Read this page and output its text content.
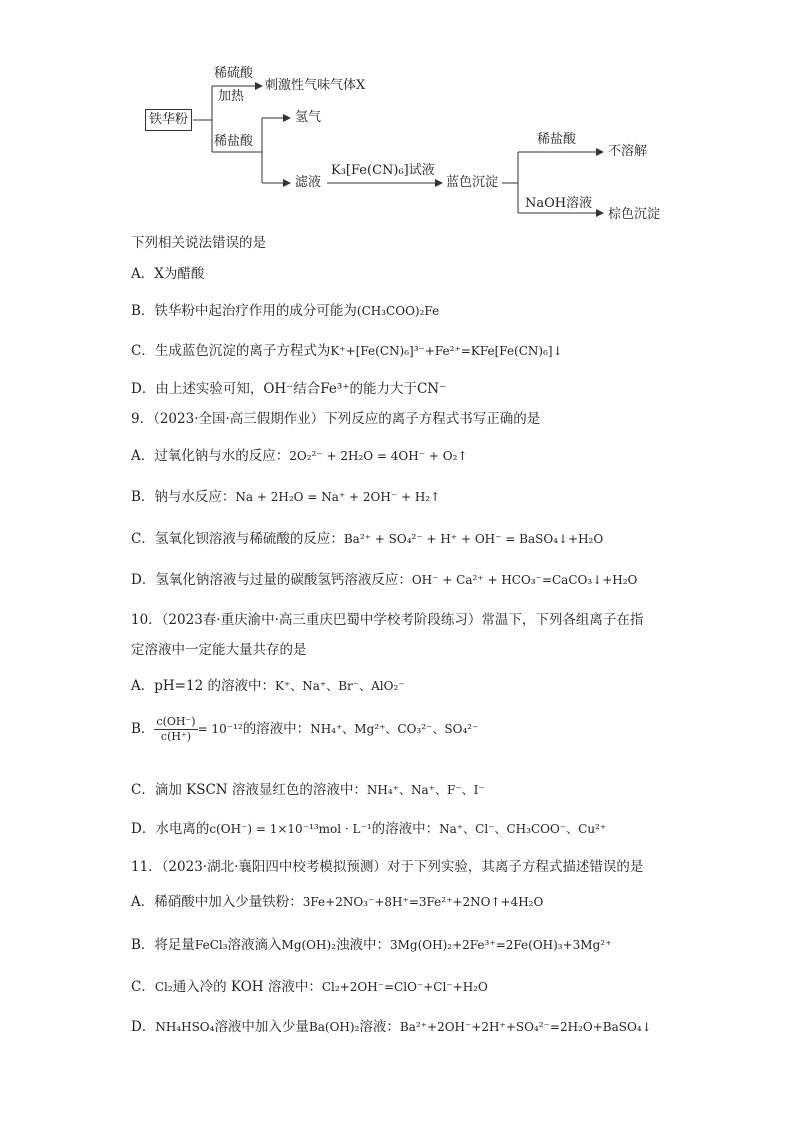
铁华粉
稀硫酸
加热
刺激性气味气体X
稀盐酸
氢气
滤液
K₃[Fe(CN)₆]试液
蓝色沉淀
稀盐酸
不溶解
NaOH溶液
棕色沉淀
下列相关说法错误的是
A．X为醋酸
B．铁华粉中起治疗作用的成分可能为(CH₃COO)₂Fe
C．生成蓝色沉淀的离子方程式为K⁺+[Fe(CN)₆]³⁻+Fe²⁺=KFe[Fe(CN)₆]↓
D．由上述实验可知，OH⁻结合Fe³⁺的能力大于CN⁻
9．（2023·全国·高三假期作业）下列反应的离子方程式书写正确的是
A．过氧化钠与水的反应：2O₂²⁻ + 2H₂O = 4OH⁻ + O₂↑
B．钠与水反应：Na + 2H₂O = Na⁺ + 2OH⁻ + H₂↑
C．氢氧化钡溶液与稀硫酸的反应：Ba²⁺ + SO₄²⁻ + H⁺ + OH⁻ = BaSO₄↓+H₂O
D．氢氧化钠溶液与过量的碳酸氢钙溶液反应：OH⁻ + Ca²⁺ + HCO₃⁻=CaCO₃↓+H₂O
10．（2023春·重庆渝中·高三重庆巴蜀中学校考阶段练习）常温下，下列各组离子在指
定溶液中一定能大量共存的是
A．pH=12 的溶液中：K⁺、Na⁺、Br⁻、AlO₂⁻
B． $\frac{c(OH^-)}{c(H^+)} = 10^{-12}$的溶液中：NH₄⁺、Mg²⁺、CO₃²⁻、SO₄²⁻
C．滴加 KSCN 溶液显红色的溶液中：NH₄⁺、Na⁺、F⁻、I⁻
D．水电离的c(OH⁻) = 1×10⁻¹³mol · L⁻¹的溶液中：Na⁺、Cl⁻、CH₃COO⁻、Cu²⁺
11．（2023·湖北·襄阳四中校考模拟预测）对于下列实验，其离子方程式描述错误的是
A．稀硝酸中加入少量铁粉：3Fe+2NO₃⁻+8H⁺=3Fe²⁺+2NO↑+4H₂O
B．将足量FeCl₃溶液滴入Mg(OH)₂浊液中：3Mg(OH)₂+2Fe³⁺=2Fe(OH)₃+3Mg²⁺
C．Cl₂通入冷的 KOH 溶液中：Cl₂+2OH⁻=ClO⁻+Cl⁻+H₂O
D．NH₄HSO₄溶液中加入少量Ba(OH)₂溶液：Ba²⁺+2OH⁻+2H⁺+SO₄²⁻=2H₂O+BaSO₄↓
